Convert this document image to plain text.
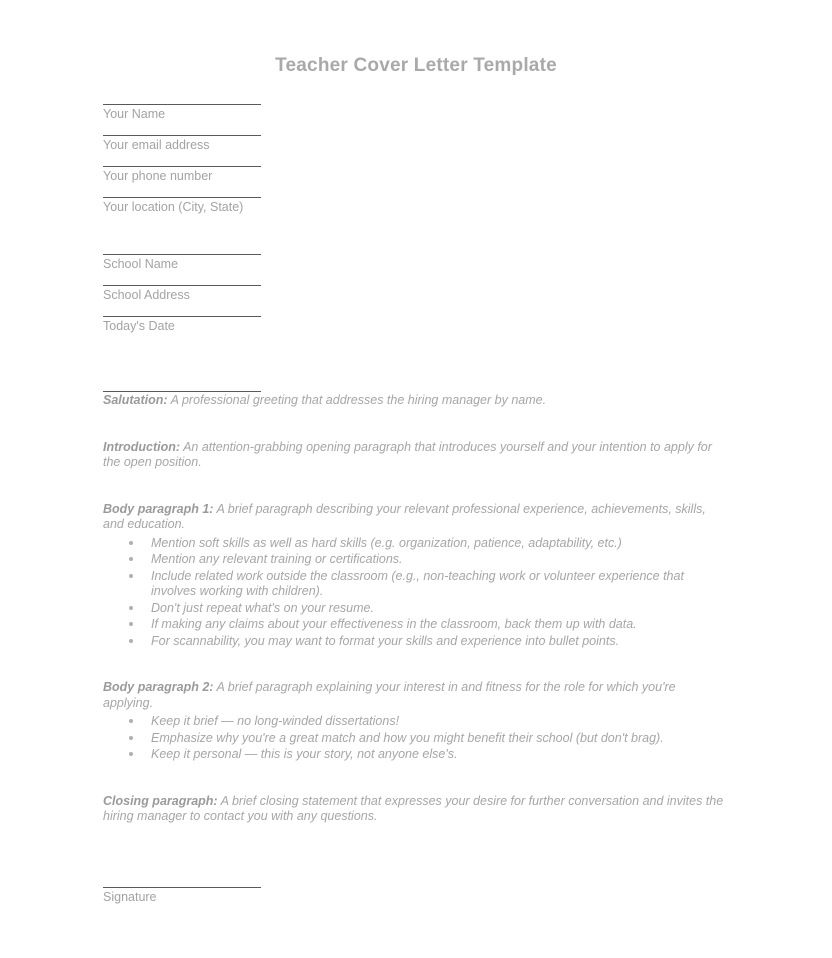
Teacher Cover Letter Template
Your Name
Your email address
Your phone number
Your location (City, State)
School Name
School Address
Today's Date

Salutation: A professional greeting that addresses the hiring manager by name.

Introduction: An attention-grabbing opening paragraph that introduces yourself and your intention to apply for the open position.

Body paragraph 1: A brief paragraph describing your relevant professional experience, achievements, skills, and education.

Mention soft skills as well as hard skills (e.g. organization, patience, adaptability, etc.)
Mention any relevant training or certifications.
Include related work outside the classroom (e.g., non-teaching work or volunteer experience that involves working with children).
Don't just repeat what's on your resume.
If making any claims about your effectiveness in the classroom, back them up with data.
For scannability, you may want to format your skills and experience into bullet points.

Body paragraph 2: A brief paragraph explaining your interest in and fitness for the role for which you're applying.

Keep it brief — no long-winded dissertations!
Emphasize why you're a great match and how you might benefit their school (but don't brag).
Keep it personal — this is your story, not anyone else's.

Closing paragraph: A brief closing statement that expresses your desire for further conversation and invites the hiring manager to contact you with any questions.

Signature
